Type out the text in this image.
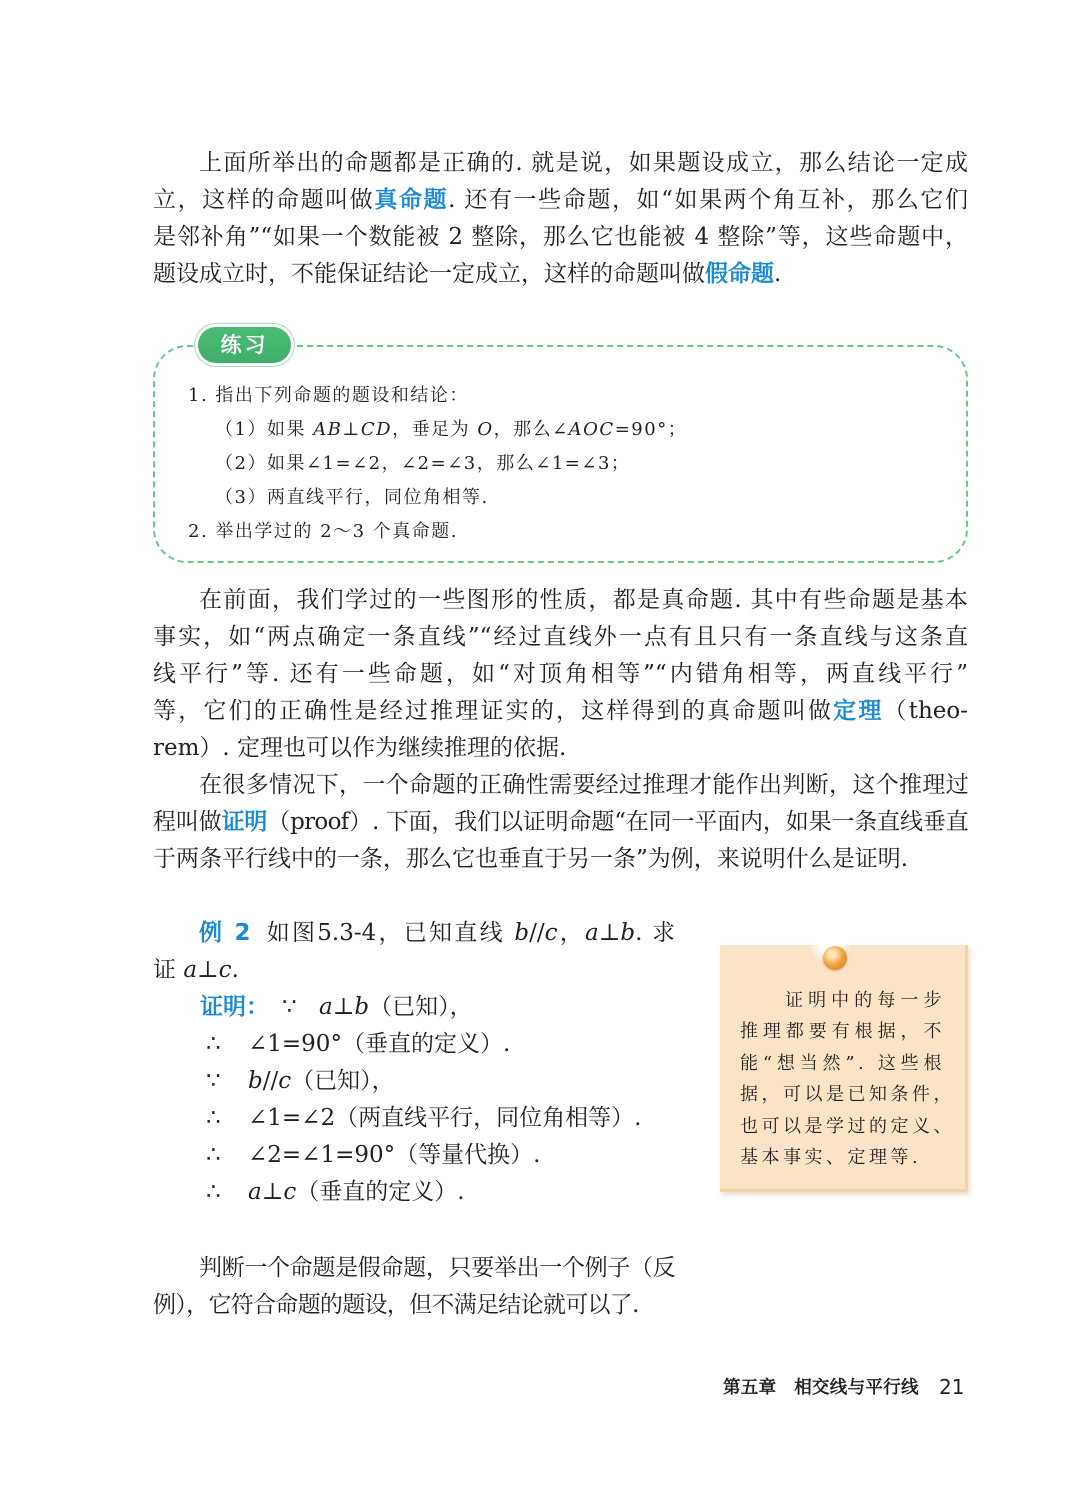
上面所举出的命题都是正确的. 就是说，如果题设成立，那么结论一定成
立，这样的命题叫做真命题. 还有一些命题，如“如果两个角互补，那么它们
是邻补角”“如果一个数能被 2 整除，那么它也能被 4 整除”等，这些命题中，
题设成立时，不能保证结论一定成立，这样的命题叫做假命题.
练习
1. 指出下列命题的题设和结论：
（1）如果 AB⊥CD，垂足为 O，那么∠AOC=90°；
（2）如果∠1=∠2，∠2=∠3，那么∠1=∠3；
（3）两直线平行，同位角相等.
2. 举出学过的 2～3 个真命题.
在前面，我们学过的一些图形的性质，都是真命题. 其中有些命题是基本
事实，如“两点确定一条直线”“经过直线外一点有且只有一条直线与这条直
线平行”等. 还有一些命题，如“对顶角相等”“内错角相等，两直线平行”
等，它们的正确性是经过推理证实的，这样得到的真命题叫做定理（theo-
rem）. 定理也可以作为继续推理的依据.
在很多情况下，一个命题的正确性需要经过推理才能作出判断，这个推理过
程叫做证明（proof）. 下面，我们以证明命题“在同一平面内，如果一条直线垂直
于两条平行线中的一条，那么它也垂直于另一条”为例，来说明什么是证明.
例 2 如图5.3-4，已知直线 b//c，a⊥b. 求
证 a⊥c.
证明： ∵ a⊥b（已知），
∴ ∠1=90°（垂直的定义）.
∵ b//c（已知），
∴ ∠1=∠2（两直线平行，同位角相等）.
∴ ∠2=∠1=90°（等量代换）.
∴ a⊥c（垂直的定义）.
证明中的每一步
推理都要有根据，不
能“想当然”. 这些根
据，可以是已知条件，
也可以是学过的定义、
基本事实、定理等.
判断一个命题是假命题，只要举出一个例子（反
例），它符合命题的题设，但不满足结论就可以了.
第五章　相交线与平行线 21
